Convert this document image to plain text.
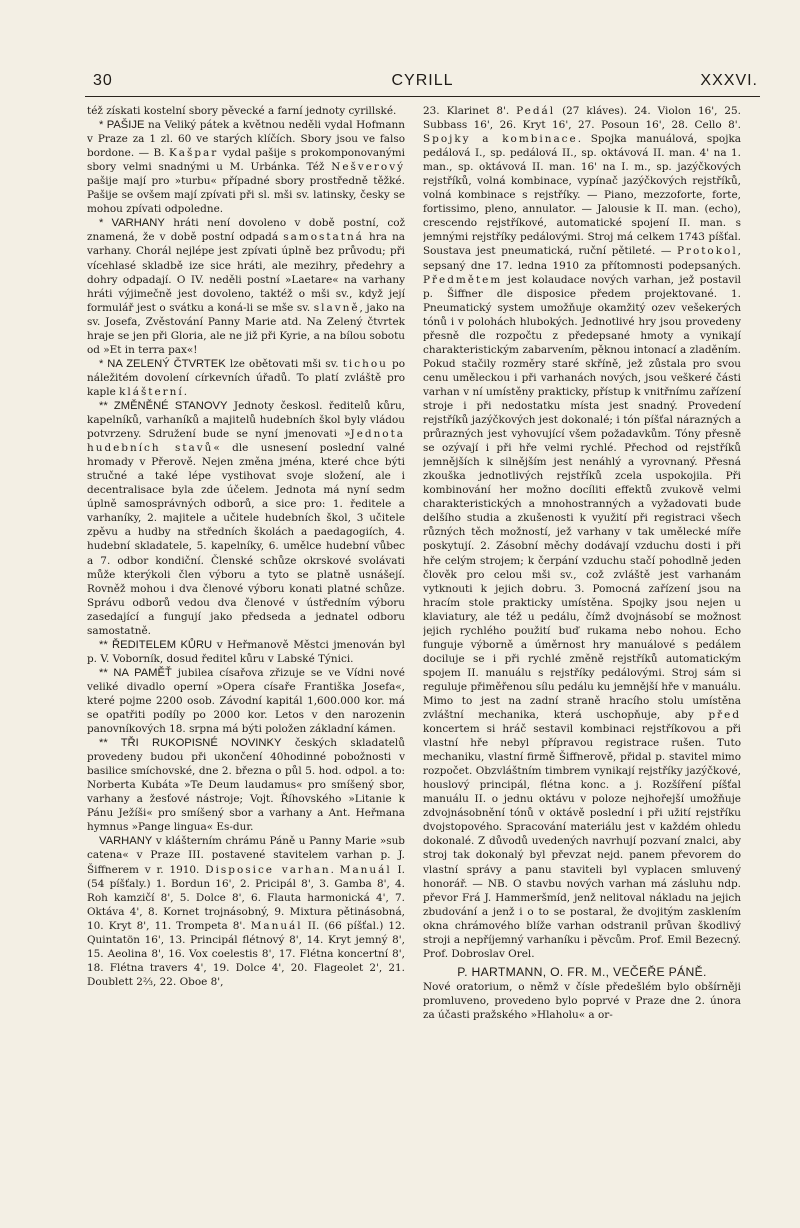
30	CYRILL	XXXVI.

též získati kostelní sbory pěvecké a farní jednoty cyrillské.

* PAŠIJE na Veliký pátek a květnou neděli vydal Hofmann v Praze za 1 zl. 60 ve starých klíčích. Sbory jsou ve falso bordone. — B. Kašpar vydal pašije s prokomponovanými sbory velmi snadnými u M. Urbánka. Též Nešverový pašije mají pro »turbu« případné sbory prostředně těžké. Pašije se ovšem mají zpívati při sl. mši sv. latinsky, česky se mohou zpívati odpoledne.

* VARHANY hráti není dovoleno v době postní, což znamená, že v době postní odpadá samostatná hra na varhany. Chorál nejlépe jest zpívati úplně bez průvodu; při vícehlasé skladbě ize sice hráti, ale mezihry, předehry a dohry odpadají. O IV. neděli postní »Laetare« na varhany hráti výjimečně jest dovoleno, taktéž o mši sv., když její formulář jest o svátku a koná-li se mše sv. slavně, jako na sv. Josefa, Zvěstování Panny Marie atd. Na Zelený čtvrtek hraje se jen při Gloria, ale ne již při Kyrie, a na bílou sobotu od »Et in terra pax«!

* NA ZELENÝ ČTVRTEK lze obětovati mši sv. tichou po náležitém dovolení církevních úřadů. To platí zvláště pro kaple klášterní.

** ZMĚNĚNÉ STANOVY Jednoty českosl. ředitelů kůru, kapelníků, varhaníků a majitelů hudebních škol byly vládou potvrzeny. Sdružení bude se nyní jmenovati »Jednota hudebních stavů« dle usnesení poslední valné hromady v Přerově. Nejen změna jména, které chce býti stručné a také lépe vystihovat svoje složení, ale i decentralisace byla zde účelem. Jednota má nyní sedm úplně samosprávných odborů, a sice pro: 1. ředitele a varhaníky, 2. majitele a učitele hudebních škol, 3 učitele zpěvu a hudby na středních školách a paedagogiích, 4. hudební skladatele, 5. kapelníky, 6. umělce hudební vůbec a 7. odbor kondiční. Členské schůze okrskové svolávati může kterýkoli člen výboru a tyto se platně usnášejí. Rovněž mohou i dva členové výboru konati platné schůze. Správu odborů vedou dva členové v ústředním výboru zasedající a fungují jako předseda a jednatel odboru samostatně.

** ŘEDITELEM KŮRU v Heřmanově Městci jmenován byl p. V. Voborník, dosud ředitel kůru v Labské Týnici.

** NA PAMĚŤ jubilea císařova zřizuje se ve Vídni nové veliké divadlo operní »Opera císaře Františka Josefa«, které pojme 2200 osob. Závodní kapitál 1,600.000 kor. má se opatřiti podíly po 2000 kor. Letos v den narozenin panovníkových 18. srpna má býti položen základní kámen.

** TŘI RUKOPISNÉ NOVINKY českých skladatelů provedeny budou při ukončení 40hodinné pobožnosti v basilice smíchovské, dne 2. března o půl 5. hod. odpol. a to: Norberta Kubáta »Te Deum laudamus« pro smíšený sbor, varhany a žesťové nástroje; Vojt. Říhovského »Litanie k Pánu Ježíši« pro smíšený sbor a varhany a Ant. Heřmana hymnus »Pange lingua« Es-dur.

VARHANY v klášterním chrámu Páně u Panny Marie »sub catena« v Praze III. postavené stavitelem varhan p. J. Šiffnerem v r. 1910. Disposice varhan. Manuál I. (54 píšťaly.) 1. Bordun 16', 2. Pricipál 8', 3. Gamba 8', 4. Roh kamzičí 8', 5. Dolce 8', 6. Flauta harmonická 4', 7. Oktáva 4', 8. Kornet trojnásobný, 9. Mixtura pětinásobná, 10. Kryt 8', 11. Trompeta 8'. Manuál II. (66 píšťal.) 12. Quintatön 16', 13. Principál flétnový 8', 14. Kryt jemný 8', 15. Aeolina 8', 16. Vox coelestis 8', 17. Flétna koncertní 8', 18. Flétna travers 4', 19. Dolce 4', 20. Flageolet 2', 21. Doublett 2⅔, 22. Oboe 8',

23. Klarinet 8'. Pedál (27 kláves). 24. Violon 16', 25. Subbass 16', 26. Kryt 16', 27. Posoun 16', 28. Cello 8'. Spojky a kombinace. Spojka manuálová, spojka pedálová I., sp. pedálová II., sp. oktávová II. man. 4' na 1. man., sp. oktávová II. man. 16' na I. m., sp. jazýčkových rejstříků, volná kombinace, vypínač jazýčkových rejstříků, volná kombinace s rejstříky. — Piano, mezzoforte, forte, fortissimo, pleno, annulator. — Jalousie k II. man. (echo), crescendo rejstříkové, automatické spojení II. man. s jemnými rejstříky pedálovými. Stroj má celkem 1743 píšťal. Soustava jest pneumatická, ruční pětileté. — Protokol, sepsaný dne 17. ledna 1910 za přítomnosti podepsaných. Předmětem jest kolaudace nových varhan, jež postavil p. Šiffner dle disposice předem projektované. 1. Pneumatický system umožňuje okamžitý ozev vešekerých tónů i v polohách hlubokých. Jednotlivé hry jsou provedeny přesně dle rozpočtu z předepsané hmoty a vynikají charakteristickým zabarvením, pěknou intonací a zladěním. Pokud stačily rozměry staré skříně, jež zůstala pro svou cenu uměleckou i při varhanách nových, jsou veškeré části varhan v ní umístěny prakticky, přístup k vnitřnímu zařízení stroje i při nedostatku místa jest snadný. Provedení rejstříků jazýčkových jest dokonalé; i tón píšťal nárazných a průrazných jest vyhovující všem požadavkům. Tóny přesně se ozývají i při hře velmi rychlé. Přechod od rejstříků jemnějších k silnějším jest nenáhlý a vyrovnaný. Přesná zkouška jednotlivých rejstříků zcela uspokojila. Při kombinování her možno docíliti effektů zvukově velmi charakteristických a mnohostranných a vyžadovati bude delšího studia a zkušenosti k využití při registraci všech různých těch možností, jež varhany v tak umělecké míře poskytují. 2. Zásobní měchy dodávají vzduchu dosti i při hře celým strojem; k čerpání vzduchu stačí pohodlně jeden člověk pro celou mši sv., což zvláště jest varhanám vytknouti k jejich dobru. 3. Pomocná zařízení jsou na hracím stole prakticky umístěna. Spojky jsou nejen u klaviatury, ale též u pedálu, čímž dvojnásobí se možnost jejich rychlého použití buď rukama nebo nohou. Echo funguje výborně a úměrnost hry manuálové s pedálem dociluje se i při rychlé změně rejstříků automatickým spojem II. manuálu s rejstříky pedálovými. Stroj sám si reguluje přiměřenou sílu pedálu ku jemnější hře v manuálu. Mimo to jest na zadní straně hracího stolu umístěna zvláštní mechanika, která uschopňuje, aby před koncertem si hráč sestavil kombinaci rejstříkovou a při vlastní hře nebyl přípravou registrace rušen. Tuto mechaniku, vlastní firmě Šiffnerově, přidal p. stavitel mimo rozpočet. Obzvláštním timbrem vynikají rejstříky jazýčkové, houslový principál, flétna konc. a j. Rozšíření píšťal manuálu II. o jednu oktávu v poloze nejhořejší umožňuje zdvojnásobnění tónů v oktávě poslední i při užití rejstříku dvojstopového. Spracování materiálu jest v každém ohledu dokonalé. Z důvodů uvedených navrhují pozvaní znalci, aby stroj tak dokonalý byl převzat nejd. panem převorem do vlastní správy a panu staviteli byl vyplacen smluvený honorář. — NB. O stavbu nových varhan má zásluhu ndp. převor Frá J. Hammeršmíd, jenž nelitoval nákladu na jejich zbudování a jenž i o to se postaral, že dvojitým zasklením okna chrámového blíže varhan odstranil průvan škodlivý stroji a nepříjemný varhaníku i pěvcům. Prof. Emil Bezecný. Prof. Dobroslav Orel.

P. HARTMANN, O. FR. M., VEČEŘE PÁNĚ.

Nové oratorium, o němž v čísle předešlém bylo obšírněji promluveno, provedeno bylo poprvé v Praze dne 2. února za účasti pražského »Hlaholu« a or-
